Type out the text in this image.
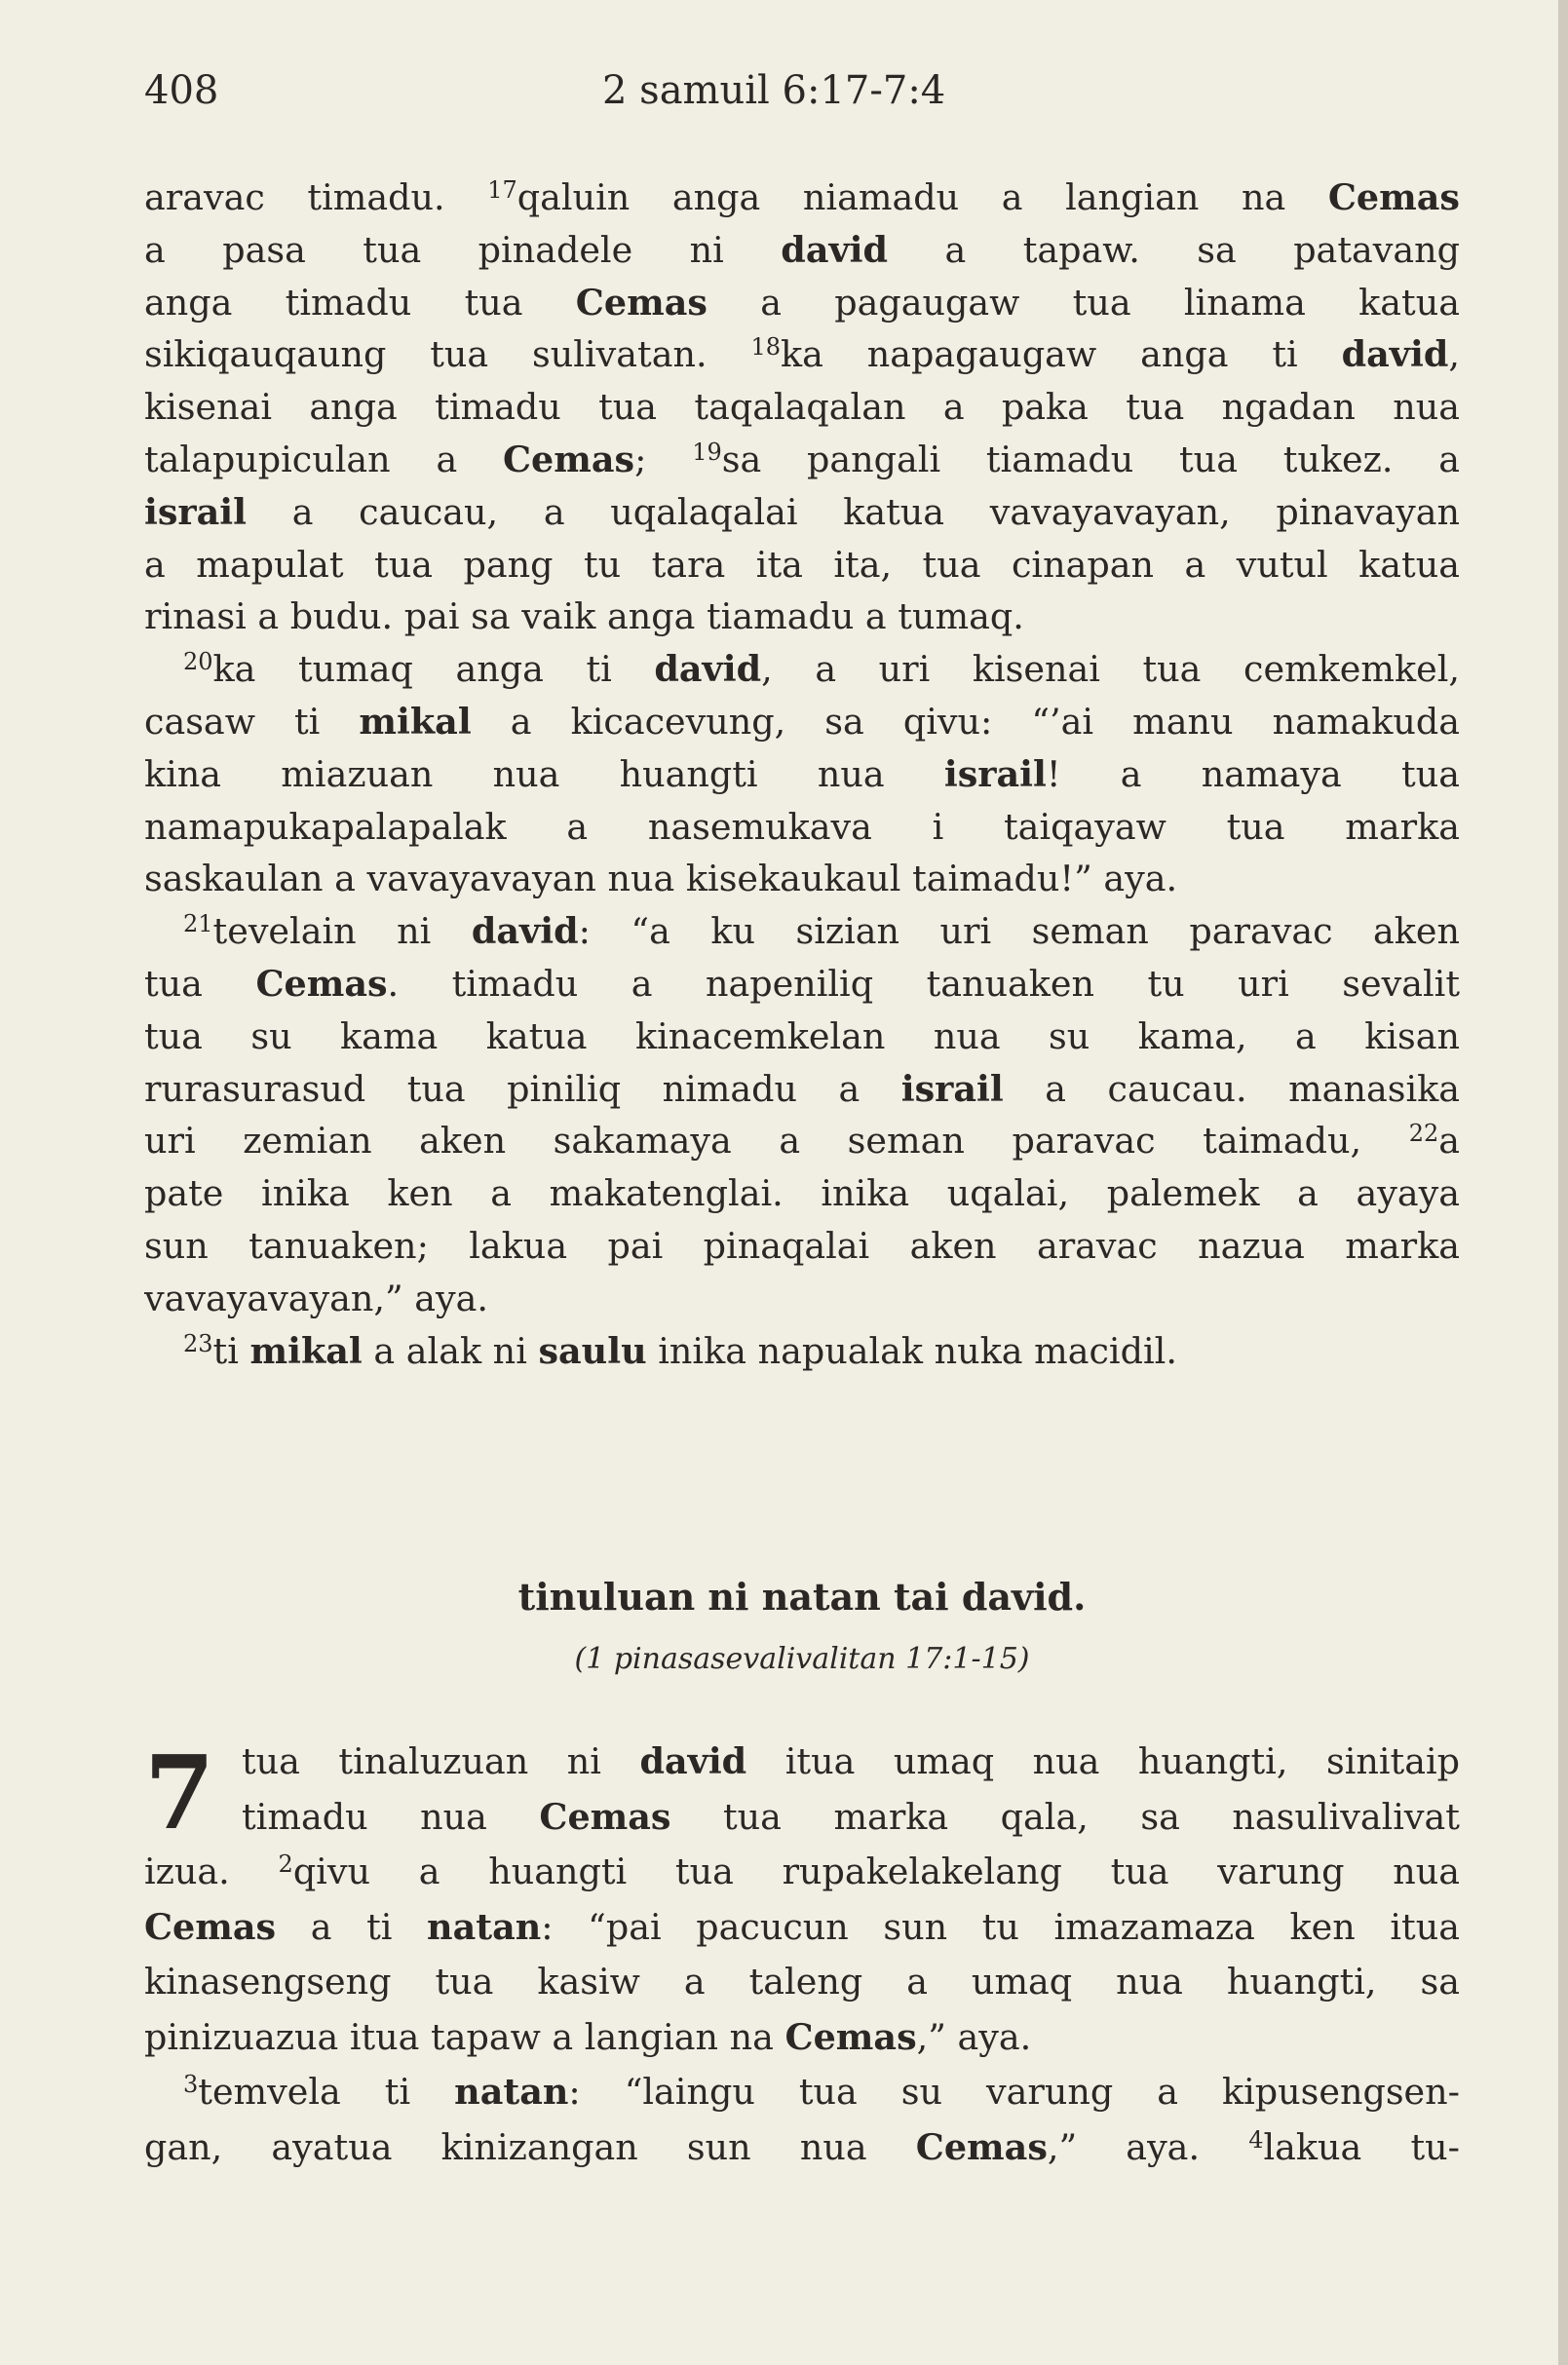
408	2 samuil 6:17-7:4
aravac timadu. $^{17}$qaluin anga niamadu a langian na Cemas
a pasa tua pinadele ni david a tapaw. sa patavang
anga timadu tua Cemas a pagaugaw tua linama katua
sikiqauqaung tua sulivatan. $^{18}$ka napagaugaw anga ti david,
kisenai anga timadu tua taqalaqalan a paka tua ngadan nua
talapupiculan a Cemas; $^{19}$sa pangali tiamadu tua tukez. a
israil a caucau, a uqalaqalai katua vavayavayan, pinavayan
a mapulat tua pang tu tara ita ita, tua cinapan a vutul katua
rinasi a budu. pai sa vaik anga tiamadu a tumaq.
$^{20}$ka tumaq anga ti david, a uri kisenai tua cemkemkel,
casaw ti mikal a kicacevung, sa qivu: “’ai manu namakuda
kina miazuan nua huangti nua israil! a namaya tua
namapukapalapalak a nasemukava i taiqayaw tua marka
saskaulan a vavayavayan nua kisekaukaul taimadu!” aya.
$^{21}$tevelain ni david: “a ku sizian uri seman paravac aken
tua Cemas. timadu a napeniliq tanuaken tu uri sevalit
tua su kama katua kinacemkelan nua su kama, a kisan
rurasurasud tua piniliq nimadu a israil a caucau. manasika
uri zemian aken sakamaya a seman paravac taimadu, $^{22}$a
pate inika ken a makatenglai. inika uqalai, palemek a ayaya
sun tanuaken; lakua pai pinaqalai aken aravac nazua marka
vavayavayan,” aya.
$^{23}$ti mikal a alak ni saulu inika napualak nuka macidil.
tinuluan ni natan tai david.
(1 pinasasevalivalitan 17:1-15)
7 tua tinaluzuan ni david itua umaq nua huangti, sinitaip
timadu nua Cemas tua marka qala, sa nasulivalivat
izua. $^2$qivu a huangti tua rupakelakelang tua varung nua
Cemas a ti natan: “pai pacucun sun tu imazamaza ken itua
kinasengseng tua kasiw a taleng a umaq nua huangti, sa
pinizuazua itua tapaw a langian na Cemas,” aya.
$^3$temvela ti natan: “laingu tua su varung a kipusengsen-
gan, ayatua kinizangan sun nua Cemas,” aya. $^4$lakua tu-
